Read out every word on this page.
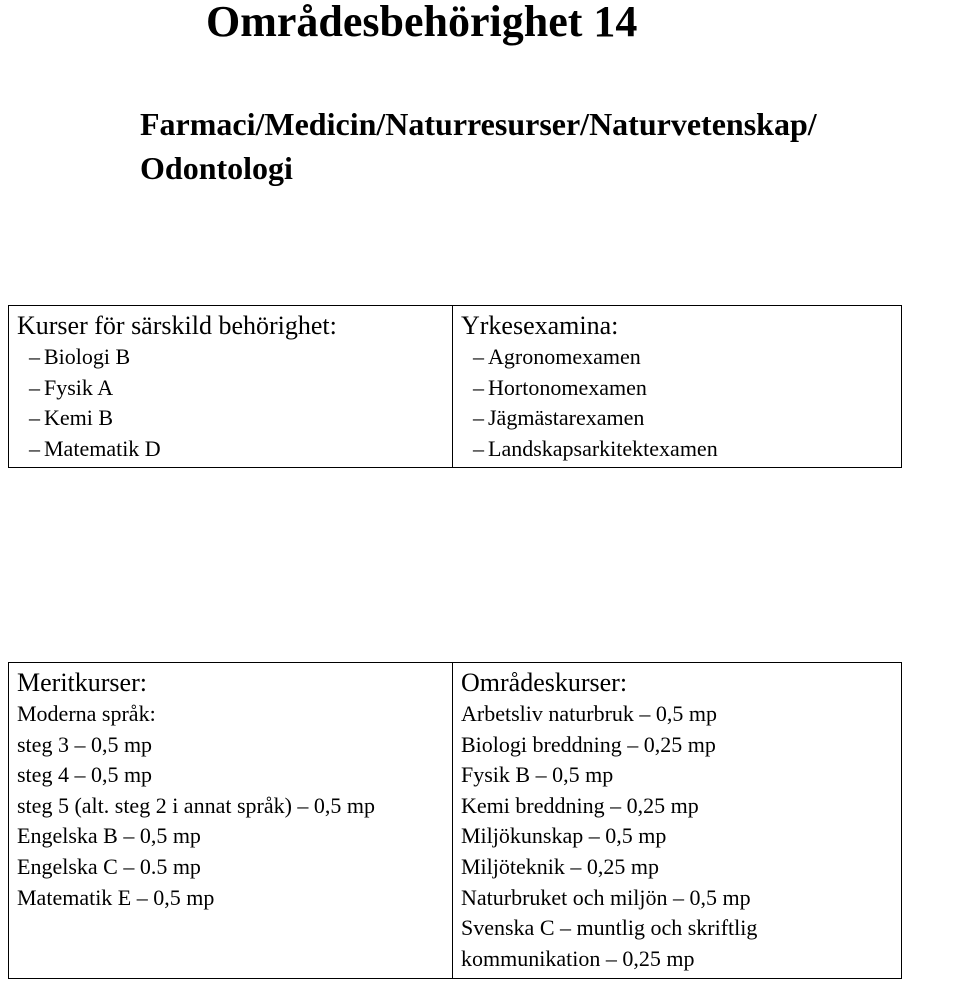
Områdesbehörighet 14
Farmaci/Medicin/Naturresurser/Naturvetenskap/ Odontologi
Kurser för särskild behörighet:
– Biologi B
– Fysik A
– Kemi B
– Matematik D
Yrkesexamina:
– Agronomexamen
– Hortonomexamen
– Jägmästarexamen
– Landskapsarkitektexamen
Meritkurser:
Moderna språk:
steg 3 – 0,5 mp
steg 4 – 0,5 mp
steg 5 (alt. steg 2 i annat språk) – 0,5 mp
Engelska B – 0,5 mp
Engelska C – 0.5 mp
Matematik E – 0,5 mp
Områdeskurser:
Arbetsliv naturbruk – 0,5 mp
Biologi breddning – 0,25 mp
Fysik B – 0,5 mp
Kemi breddning – 0,25 mp
Miljökunskap – 0,5 mp
Miljöteknik – 0,25 mp
Naturbruket och miljön – 0,5 mp
Svenska C – muntlig och skriftlig kommunikation – 0,25 mp
